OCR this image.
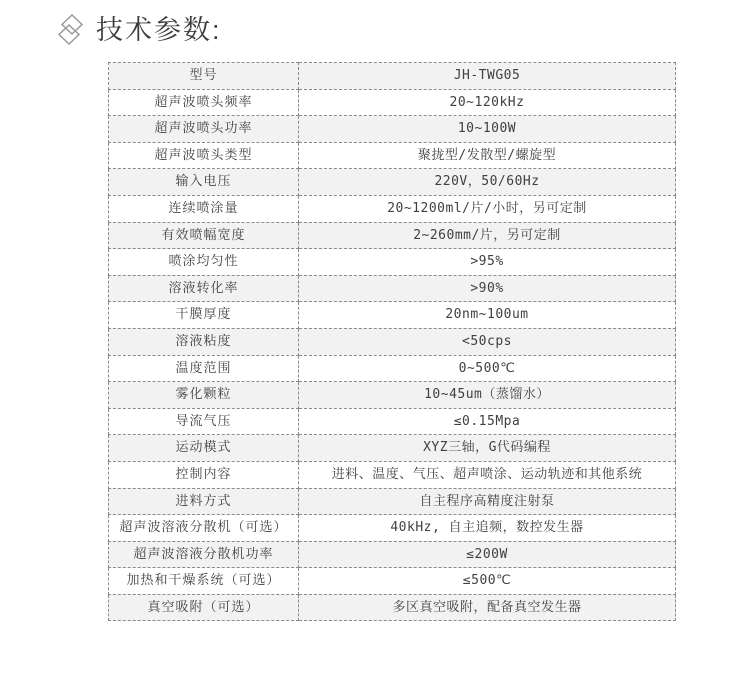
技术参数:
型号	JH-TWG05
超声波喷头频率	20~120kHz
超声波喷头功率	10~100W
超声波喷头类型	聚拢型/发散型/螺旋型
输入电压	220V，50/60Hz
连续喷涂量	20~1200ml/片/小时，另可定制
有效喷幅宽度	2~260mm/片，另可定制
喷涂均匀性	>95%
溶液转化率	>90%
干膜厚度	20nm~100um
溶液粘度	<50cps
温度范围	0~500℃
雾化颗粒	10~45um（蒸馏水）
导流气压	≤0.15Mpa
运动模式	XYZ三轴，G代码编程
控制内容	进料、温度、气压、超声喷涂、运动轨迹和其他系统
进料方式	自主程序高精度注射泵
超声波溶液分散机（可选）	40kHz, 自主追频，数控发生器
超声波溶液分散机功率	≤200W
加热和干燥系统（可选）	≤500℃
真空吸附（可选）	多区真空吸附，配备真空发生器
